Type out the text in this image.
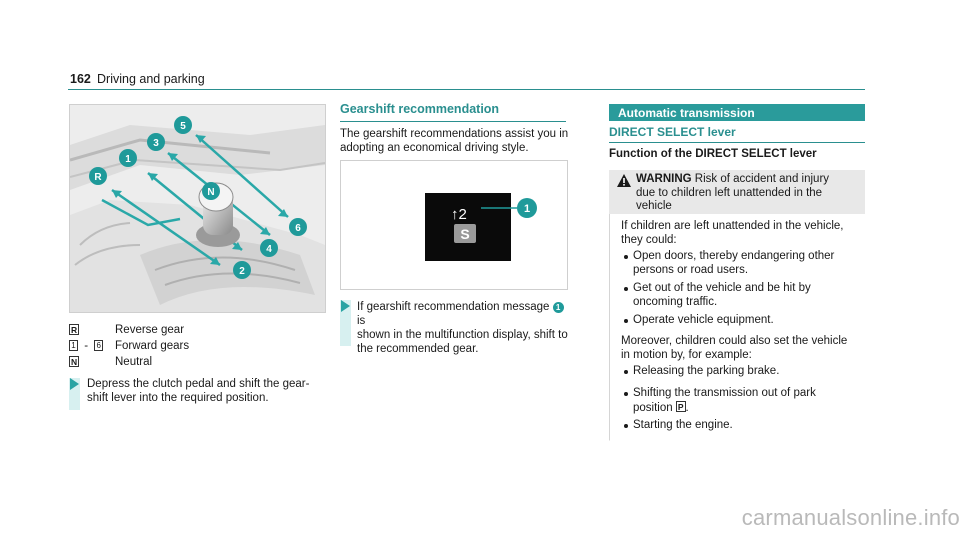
162 Driving and parking
R
1
3
5
N
6
4
2
R	Reverse gear
1 - 6 Forward gears
N	Neutral
Depress the clutch pedal and shift the gear-
shift lever into the required position.
Gearshift recommendation
The gearshift recommendations assist you in
adopting an economical driving style.
↑2
S
1
If gearshift recommendation message 1 is
shown in the multifunction display, shift to
the recommended gear.
Automatic transmission
DIRECT SELECT lever
Function of the DIRECT SELECT lever
WARNING Risk of accident and injury
due to children left unattended in the
vehicle
If children are left unattended in the vehicle,
they could:
Open doors, thereby endangering other
persons or road users.
Get out of the vehicle and be hit by
oncoming traffic.
Operate vehicle equipment.
Moreover, children could also set the vehicle
in motion by, for example:
Releasing the parking brake.
Shifting the transmission out of park
position P .
Starting the engine.
carmanualsonline.info
